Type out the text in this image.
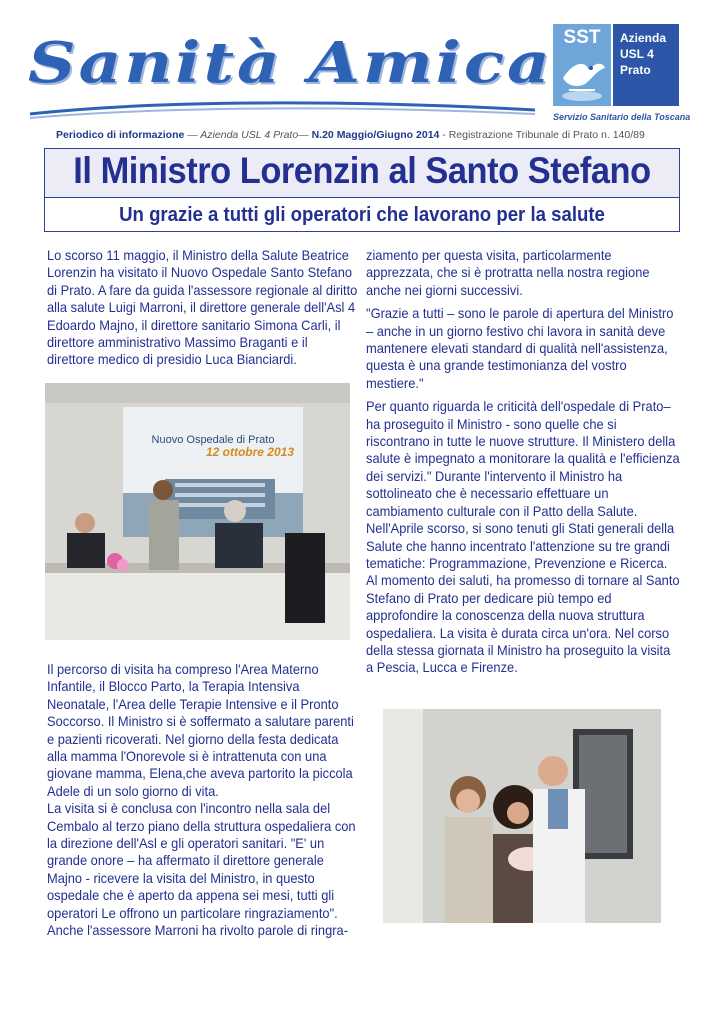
Sanità Amica SST	Azienda
USL 4
Prato
Servizio Sanitario della Toscana
Periodico di informazione — Azienda USL 4 Prato— N.20 Maggio/Giugno 2014 - Registrazione Tribunale di Prato n. 140/89
Il Ministro Lorenzin al Santo Stefano
Un grazie a tutti gli operatori che lavorano per la salute

Lo scorso 11 maggio, il Ministro della Salute Beatrice Lorenzin ha visitato il Nuovo Ospedale Santo Stefano di Prato. A fare da guida l'assessore regionale al diritto alla salute Luigi Marroni, il direttore generale dell'Asl 4 Edoardo Majno, il direttore sanitario Simona Carli, il direttore amministrativo Massimo Braganti e il direttore medico di presidio Luca Bianciardi.

Nuovo Ospedale di Prato
12 ottobre 2013

Il percorso di visita ha compreso l'Area Materno Infantile, il Blocco Parto, la Terapia Intensiva Neonatale, l'Area delle Terapie Intensive e il Pronto Soccorso. Il Ministro si è soffermato a salutare parenti e pazienti ricoverati. Nel giorno della festa dedicata alla mamma l'Onorevole si è intrattenuta con una giovane mamma, Elena,che aveva partorito la piccola Adele di un solo giorno di vita.

La visita si è conclusa con l'incontro nella sala del Cembalo al terzo piano della struttura ospedaliera con la direzione dell'Asl e gli operatori sanitari. "E' un grande onore – ha affermato il direttore generale Majno - ricevere la visita del Ministro, in questo ospedale che è aperto da appena sei mesi, tutti gli operatori Le offrono un particolare ringraziamento".

Anche l'assessore Marroni ha rivolto parole di ringra-

ziamento per questa visita, particolarmente apprezzata, che si è protratta nella nostra regione anche nei giorni successivi.

"Grazie a tutti – sono le parole di apertura del Ministro – anche in un giorno festivo chi lavora in sanità deve mantenere elevati standard di qualità nell'assistenza, questa è una grande testimonianza del vostro mestiere."

Per quanto riguarda le criticità dell'ospedale di Prato– ha proseguito il Ministro - sono quelle che si riscontrano in tutte le nuove strutture. Il Ministero della salute è impegnato a monitorare la qualità e l'efficienza dei servizi." Durante l'intervento il Ministro ha sottolineato che è necessario effettuare un cambiamento culturale con il Patto della Salute. Nell'Aprile scorso, si sono tenuti gli Stati generali della Salute che hanno incentrato l'attenzione su tre grandi tematiche: Programmazione, Prevenzione e Ricerca. Al momento dei saluti, ha promesso di tornare al Santo Stefano di Prato per dedicare più tempo ed approfondire la conoscenza della nuova struttura ospedaliera. La visita è durata circa un'ora. Nel corso della stessa giornata il Ministro ha proseguito la visita a Pescia, Lucca e Firenze.
